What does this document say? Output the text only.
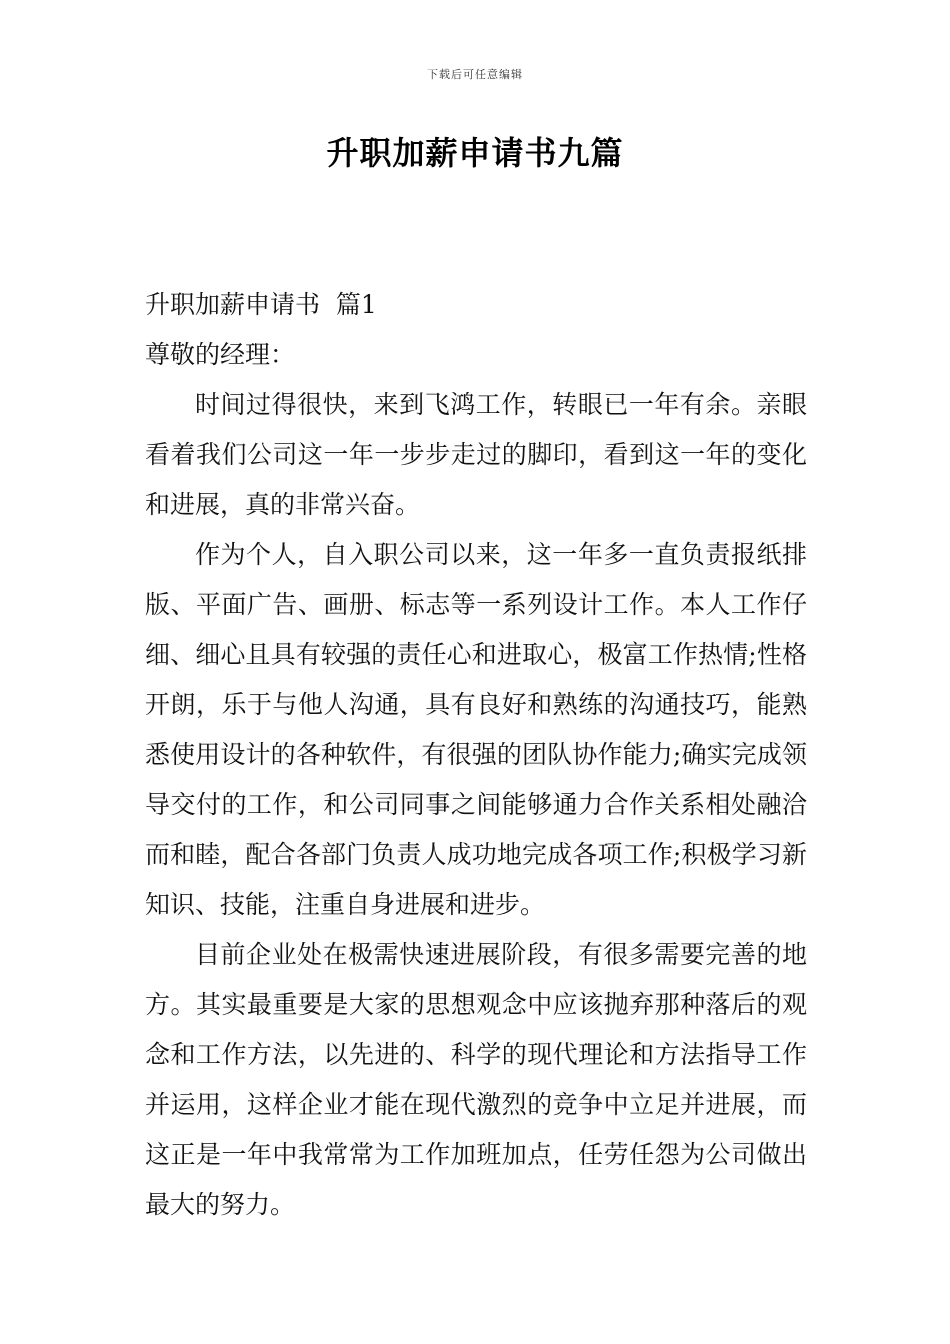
下载后可任意编辑
升职加薪申请书九篇

升职加薪申请书  篇1

尊敬的经理：

时间过得很快，来到飞鸿工作，转眼已一年有余。亲眼看着我们公司这一年一步步走过的脚印，看到这一年的变化和进展，真的非常兴奋。

作为个人，自入职公司以来，这一年多一直负责报纸排版、平面广告、画册、标志等一系列设计工作。本人工作仔细、细心且具有较强的责任心和进取心，极富工作热情;性格开朗，乐于与他人沟通，具有良好和熟练的沟通技巧，能熟悉使用设计的各种软件，有很强的团队协作能力;确实完成领导交付的工作，和公司同事之间能够通力合作关系相处融洽而和睦，配合各部门负责人成功地完成各项工作;积极学习新知识、技能，注重自身进展和进步。

目前企业处在极需快速进展阶段，有很多需要完善的地方。其实最重要是大家的思想观念中应该抛弃那种落后的观念和工作方法，以先进的、科学的现代理论和方法指导工作并运用，这样企业才能在现代激烈的竞争中立足并进展，而这正是一年中我常常为工作加班加点，任劳任怨为公司做出最大的努力。
